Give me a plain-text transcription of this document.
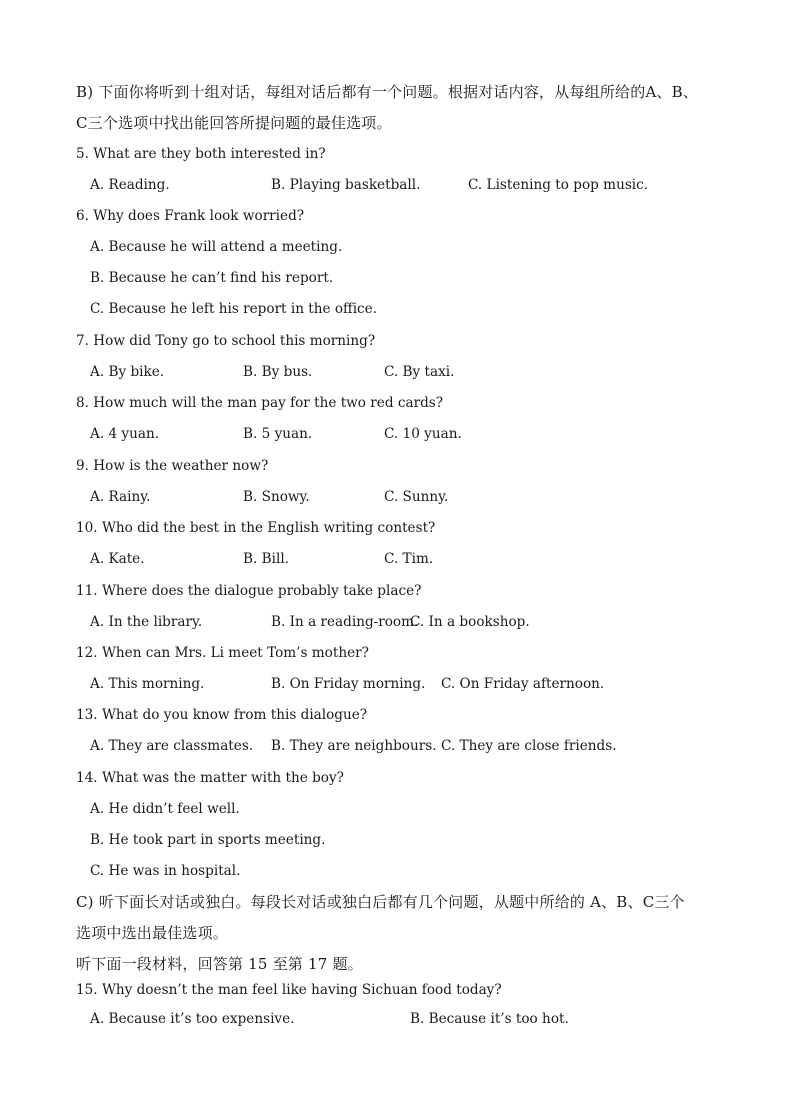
B) 下面你将听到十组对话，每组对话后都有一个问题。根据对话内容，从每组所给的A、B、
C三个选项中找出能回答所提问题的最佳选项。
5. What are they both interested in?
A. Reading.	B. Playing basketball.	C. Listening to pop music.
6. Why does Frank look worried?
A. Because he will attend a meeting.
B. Because he can’t find his report.
C. Because he left his report in the office.
7. How did Tony go to school this morning?
A. By bike.	B. By bus.	C. By taxi.
8. How much will the man pay for the two red cards?
A. 4 yuan.	B. 5 yuan.	C. 10 yuan.
9. How is the weather now?
A. Rainy.	B. Snowy.	C. Sunny.
10. Who did the best in the English writing contest?
A. Kate.	B. Bill.	C. Tim.
11. Where does the dialogue probably take place?
A. In the library.	B. In a reading-room.
C. In a bookshop.
12. When can Mrs. Li meet Tom’s mother?
A. This morning.	B. On Friday morning. C. On Friday afternoon.
13. What do you know from this dialogue?
A. They are classmates. B. They are neighbours. C. They are close friends.
14. What was the matter with the boy?
A. He didn’t feel well.
B. He took part in sports meeting.
C. He was in hospital.
C) 听下面长对话或独白。每段长对话或独白后都有几个问题，从题中所给的 A、B、C三个
选项中选出最佳选项。
听下面一段材料，回答第 15 至第 17 题。
15. Why doesn’t the man feel like having Sichuan food today?
A. Because it’s too expensive.	B. Because it’s too hot.
